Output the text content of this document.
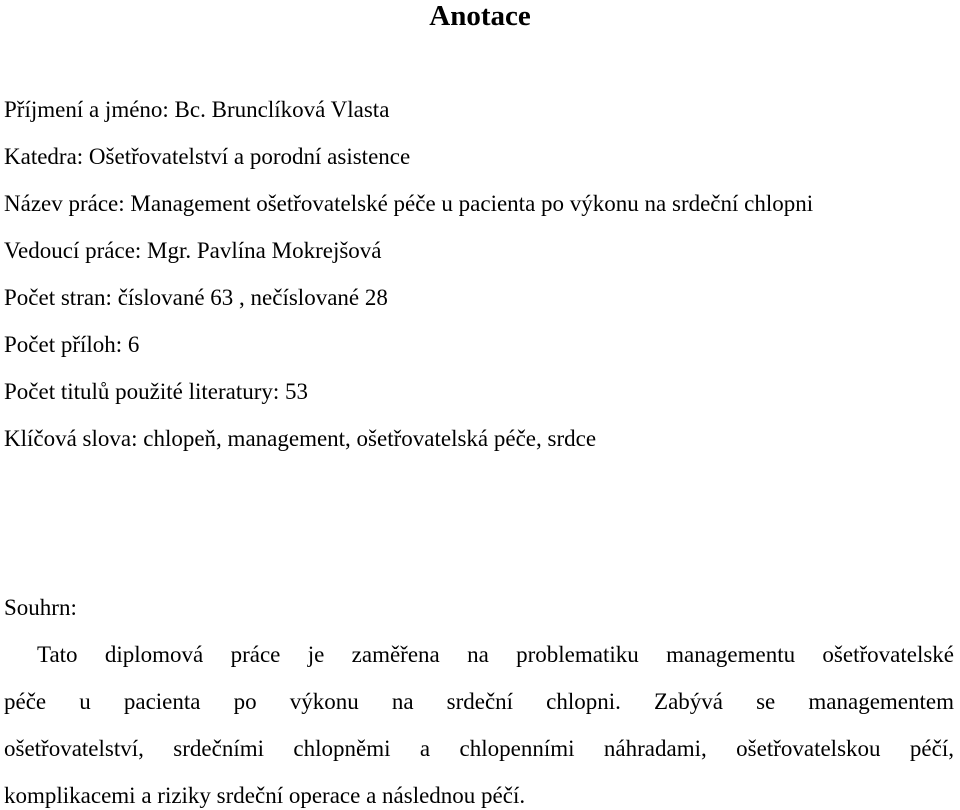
Anotace
Příjmení a jméno: Bc. Brunclíková Vlasta
Katedra: Ošetřovatelství a porodní asistence
Název práce: Management ošetřovatelské péče u pacienta po výkonu na srdeční chlopni
Vedoucí práce: Mgr. Pavlína Mokrejšová
Počet stran: číslované 63 , nečíslované 28
Počet příloh: 6
Počet titulů použité literatury: 53
Klíčová slova: chlopeň, management, ošetřovatelská péče, srdce
Souhrn:
Tato diplomová práce je zaměřena na problematiku managementu ošetřovatelské
péče u pacienta po výkonu na srdeční chlopni. Zabývá se managementem
ošetřovatelství, srdečními chlopněmi a chlopenními náhradami, ošetřovatelskou péčí,
komplikacemi a riziky srdeční operace a následnou péčí.
